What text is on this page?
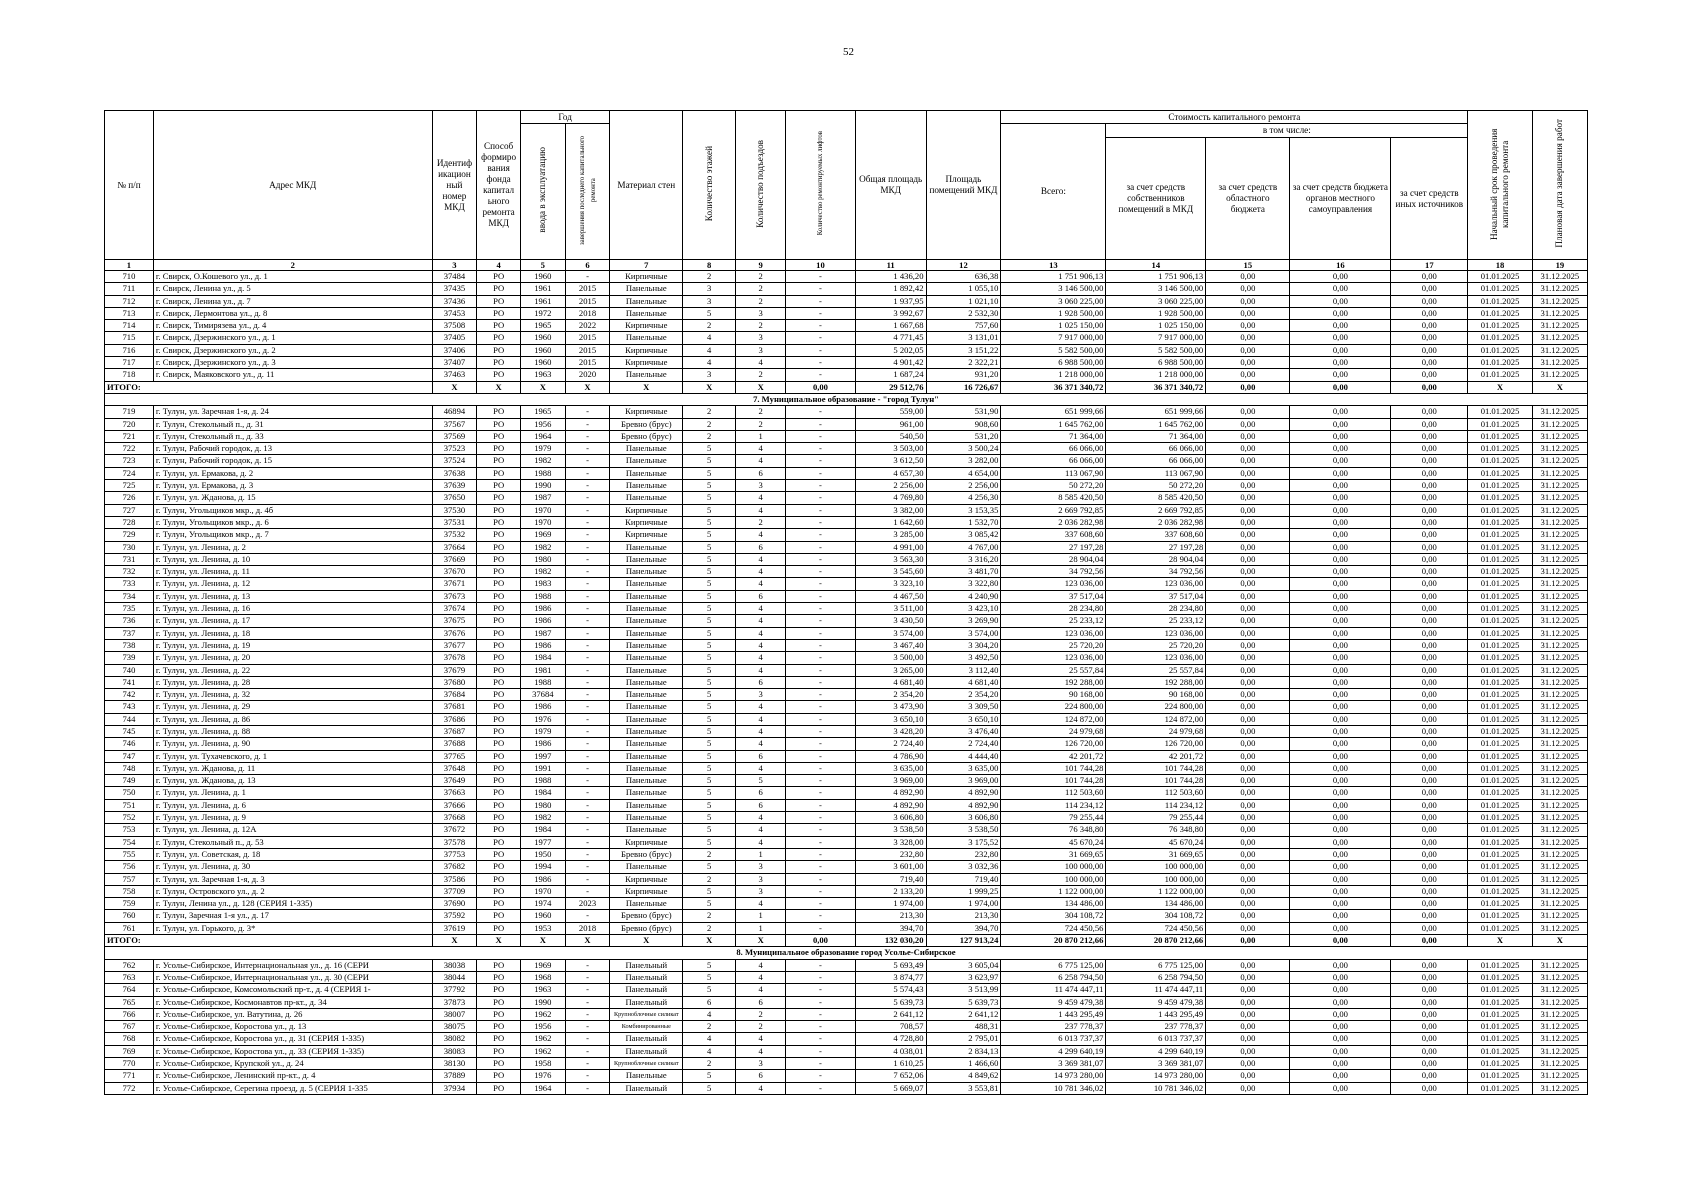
52
№ п/п	Адрес МКД	Идентиф икацион ный номер МКД	Способ формиро вания фонда капитал ьного ремонта МКД	Год		Материал стен	Количество этажей	Количество подъездов	Количество ремонтируемых лифтов	Общая площадь МКД	Площадь помещений МКД	Стоимость капитального ремонта					Начальный срок проведения капитального ремонта	Плановая дата завершения работ
				ввода в эксплуатацию	завершения последнего капитального ремонта							Всего:	в том числе:					
													за счет средств собственников помещений в МКД	за счет средств областного бюджета	за счет средств бюджета органов местного самоуправления	за счет средств иных источников		
1	2	3	4	5	6	7	8	9	10	11	12	13	14	15	16	17	18	19
710	г. Свирск, О.Кошевого ул., д. 1	37484	РО	1960	-	Кирпичные	2	2	-	1 436,20	636,38	1 751 906,13	1 751 906,13	0,00	0,00	0,00	01.01.2025	31.12.2025
711	г. Свирск, Ленина ул., д. 5	37435	РО	1961	2015	Панельные	3	2	-	1 892,42	1 055,10	3 146 500,00	3 146 500,00	0,00	0,00	0,00	01.01.2025	31.12.2025
712	г. Свирск, Ленина ул., д. 7	37436	РО	1961	2015	Панельные	3	2	-	1 937,95	1 021,10	3 060 225,00	3 060 225,00	0,00	0,00	0,00	01.01.2025	31.12.2025
713	г. Свирск, Лермонтова ул., д. 8	37453	РО	1972	2018	Панельные	5	3	-	3 992,67	2 532,30	1 928 500,00	1 928 500,00	0,00	0,00	0,00	01.01.2025	31.12.2025
714	г. Свирск, Тимирязева ул., д. 4	37508	РО	1965	2022	Кирпичные	2	2	-	1 667,68	757,60	1 025 150,00	1 025 150,00	0,00	0,00	0,00	01.01.2025	31.12.2025
715	г. Свирск, Дзержинского ул., д. 1	37405	РО	1960	2015	Панельные	4	3	-	4 771,45	3 131,01	7 917 000,00	7 917 000,00	0,00	0,00	0,00	01.01.2025	31.12.2025
716	г. Свирск, Дзержинского ул., д. 2	37406	РО	1960	2015	Кирпичные	4	3	-	5 202,05	3 151,22	5 582 500,00	5 582 500,00	0,00	0,00	0,00	01.01.2025	31.12.2025
717	г. Свирск, Дзержинского ул., д. 3	37407	РО	1960	2015	Кирпичные	4	4	-	4 901,42	2 322,21	6 988 500,00	6 988 500,00	0,00	0,00	0,00	01.01.2025	31.12.2025
718	г. Свирск, Маяковского ул., д. 11	37463	РО	1963	2020	Панельные	3	2	-	1 687,24	931,20	1 218 000,00	1 218 000,00	0,00	0,00	0,00	01.01.2025	31.12.2025
ИТОГО:		Х	Х	Х	Х	Х	Х	Х	0,00	29 512,76	16 726,67	36 371 340,72	36 371 340,72	0,00	0,00	0,00	Х	Х
7. Муниципальное образование - "город Тулун"																		
719	г. Тулун, ул. Заречная 1-я, д. 24	46894	РО	1965	-	Кирпичные	2	2	-	559,00	531,90	651 999,66	651 999,66	0,00	0,00	0,00	01.01.2025	31.12.2025
720	г. Тулун, Стекольный п., д. 31	37567	РО	1956	-	Бревно (брус)	2	2	-	961,00	908,60	1 645 762,00	1 645 762,00	0,00	0,00	0,00	01.01.2025	31.12.2025
721	г. Тулун, Стекольный п., д. 33	37569	РО	1964	-	Бревно (брус)	2	1	-	540,50	531,20	71 364,00	71 364,00	0,00	0,00	0,00	01.01.2025	31.12.2025
722	г. Тулун, Рабочий городок, д. 13	37523	РО	1979	-	Панельные	5	4	-	3 503,00	3 500,24	66 066,00	66 066,00	0,00	0,00	0,00	01.01.2025	31.12.2025
723	г. Тулун, Рабочий городок, д. 15	37524	РО	1982	-	Панельные	5	4	-	3 612,50	3 282,00	66 066,00	66 066,00	0,00	0,00	0,00	01.01.2025	31.12.2025
724	г. Тулун, ул. Ермакова, д. 2	37638	РО	1988	-	Панельные	5	6	-	4 657,30	4 654,00	113 067,90	113 067,90	0,00	0,00	0,00	01.01.2025	31.12.2025
725	г. Тулун, ул. Ермакова, д. 3	37639	РО	1990	-	Панельные	5	3	-	2 256,00	2 256,00	50 272,20	50 272,20	0,00	0,00	0,00	01.01.2025	31.12.2025
726	г. Тулун, ул. Жданова, д. 15	37650	РО	1987	-	Панельные	5	4	-	4 769,80	4 256,30	8 585 420,50	8 585 420,50	0,00	0,00	0,00	01.01.2025	31.12.2025
727	г. Тулун, Угольщиков мкр., д. 4б	37530	РО	1970	-	Кирпичные	5	4	-	3 382,00	3 153,35	2 669 792,85	2 669 792,85	0,00	0,00	0,00	01.01.2025	31.12.2025
728	г. Тулун, Угольщиков мкр., д. 6	37531	РО	1970	-	Кирпичные	5	2	-	1 642,60	1 532,70	2 036 282,98	2 036 282,98	0,00	0,00	0,00	01.01.2025	31.12.2025
729	г. Тулун, Угольщиков мкр., д. 7	37532	РО	1969	-	Кирпичные	5	4	-	3 285,00	3 085,42	337 608,60	337 608,60	0,00	0,00	0,00	01.01.2025	31.12.2025
730	г. Тулун, ул. Ленина, д. 2	37664	РО	1982	-	Панельные	5	6	-	4 991,00	4 767,00	27 197,28	27 197,28	0,00	0,00	0,00	01.01.2025	31.12.2025
731	г. Тулун, ул. Ленина, д. 10	37669	РО	1980	-	Панельные	5	4	-	3 563,30	3 316,20	28 904,04	28 904,04	0,00	0,00	0,00	01.01.2025	31.12.2025
732	г. Тулун, ул. Ленина, д. 11	37670	РО	1982	-	Панельные	5	4	-	3 545,60	3 481,70	34 792,56	34 792,56	0,00	0,00	0,00	01.01.2025	31.12.2025
733	г. Тулун, ул. Ленина, д. 12	37671	РО	1983	-	Панельные	5	4	-	3 323,10	3 322,80	123 036,00	123 036,00	0,00	0,00	0,00	01.01.2025	31.12.2025
734	г. Тулун, ул. Ленина, д. 13	37673	РО	1988	-	Панельные	5	6	-	4 467,50	4 240,90	37 517,04	37 517,04	0,00	0,00	0,00	01.01.2025	31.12.2025
735	г. Тулун, ул. Ленина, д. 16	37674	РО	1986	-	Панельные	5	4	-	3 511,00	3 423,10	28 234,80	28 234,80	0,00	0,00	0,00	01.01.2025	31.12.2025
736	г. Тулун, ул. Ленина, д. 17	37675	РО	1986	-	Панельные	5	4	-	3 430,50	3 269,90	25 233,12	25 233,12	0,00	0,00	0,00	01.01.2025	31.12.2025
737	г. Тулун, ул. Ленина, д. 18	37676	РО	1987	-	Панельные	5	4	-	3 574,00	3 574,00	123 036,00	123 036,00	0,00	0,00	0,00	01.01.2025	31.12.2025
738	г. Тулун, ул. Ленина, д. 19	37677	РО	1986	-	Панельные	5	4	-	3 467,40	3 304,20	25 720,20	25 720,20	0,00	0,00	0,00	01.01.2025	31.12.2025
739	г. Тулун, ул. Ленина, д. 20	37678	РО	1984	-	Панельные	5	4	-	3 500,00	3 492,50	123 036,00	123 036,00	0,00	0,00	0,00	01.01.2025	31.12.2025
740	г. Тулун, ул. Ленина, д. 22	37679	РО	1981	-	Панельные	5	4	-	3 265,00	3 112,40	25 557,84	25 557,84	0,00	0,00	0,00	01.01.2025	31.12.2025
741	г. Тулун, ул. Ленина, д. 28	37680	РО	1988	-	Панельные	5	6	-	4 681,40	4 681,40	192 288,00	192 288,00	0,00	0,00	0,00	01.01.2025	31.12.2025
742	г. Тулун, ул. Ленина, д. 32	37684	РО	37684	-	Панельные	5	3	-	2 354,20	2 354,20	90 168,00	90 168,00	0,00	0,00	0,00	01.01.2025	31.12.2025
743	г. Тулун, ул. Ленина, д. 29	37681	РО	1986	-	Панельные	5	4	-	3 473,90	3 309,50	224 800,00	224 800,00	0,00	0,00	0,00	01.01.2025	31.12.2025
744	г. Тулун, ул. Ленина, д. 86	37686	РО	1976	-	Панельные	5	4	-	3 650,10	3 650,10	124 872,00	124 872,00	0,00	0,00	0,00	01.01.2025	31.12.2025
745	г. Тулун, ул. Ленина, д. 88	37687	РО	1979	-	Панельные	5	4	-	3 428,20	3 476,40	24 979,68	24 979,68	0,00	0,00	0,00	01.01.2025	31.12.2025
746	г. Тулун, ул. Ленина, д. 90	37688	РО	1986	-	Панельные	5	4	-	2 724,40	2 724,40	126 720,00	126 720,00	0,00	0,00	0,00	01.01.2025	31.12.2025
747	г. Тулун, ул. Тухачевского, д. 1	37765	РО	1997	-	Панельные	5	6	-	4 786,90	4 444,40	42 201,72	42 201,72	0,00	0,00	0,00	01.01.2025	31.12.2025
748	г. Тулун, ул. Жданова, д. 11	37648	РО	1991	-	Панельные	5	4	-	3 635,00	3 635,00	101 744,28	101 744,28	0,00	0,00	0,00	01.01.2025	31.12.2025
749	г. Тулун, ул. Жданова, д. 13	37649	РО	1988	-	Панельные	5	5	-	3 969,00	3 969,00	101 744,28	101 744,28	0,00	0,00	0,00	01.01.2025	31.12.2025
750	г. Тулун, ул. Ленина, д. 1	37663	РО	1984	-	Панельные	5	6	-	4 892,90	4 892,90	112 503,60	112 503,60	0,00	0,00	0,00	01.01.2025	31.12.2025
751	г. Тулун, ул. Ленина, д. 6	37666	РО	1980	-	Панельные	5	6	-	4 892,90	4 892,90	114 234,12	114 234,12	0,00	0,00	0,00	01.01.2025	31.12.2025
752	г. Тулун, ул. Ленина, д. 9	37668	РО	1982	-	Панельные	5	4	-	3 606,80	3 606,80	79 255,44	79 255,44	0,00	0,00	0,00	01.01.2025	31.12.2025
753	г. Тулун, ул. Ленина, д. 12А	37672	РО	1984	-	Панельные	5	4	-	3 538,50	3 538,50	76 348,80	76 348,80	0,00	0,00	0,00	01.01.2025	31.12.2025
754	г. Тулун, Стекольный п., д. 53	37578	РО	1977	-	Кирпичные	5	4	-	3 328,00	3 175,52	45 670,24	45 670,24	0,00	0,00	0,00	01.01.2025	31.12.2025
755	г. Тулун, ул. Советская, д. 18	37753	РО	1950	-	Бревно (брус)	2	1	-	232,80	232,80	31 669,65	31 669,65	0,00	0,00	0,00	01.01.2025	31.12.2025
756	г. Тулун, ул. Ленина, д. 30	37682	РО	1994	-	Панельные	5	3	-	3 601,00	3 032,36	100 000,00	100 000,00	0,00	0,00	0,00	01.01.2025	31.12.2025
757	г. Тулун, ул. Заречная 1-я, д. 3	37586	РО	1986	-	Кирпичные	2	3	-	719,40	719,40	100 000,00	100 000,00	0,00	0,00	0,00	01.01.2025	31.12.2025
758	г. Тулун, Островского ул., д. 2	37709	РО	1970	-	Кирпичные	5	3	-	2 133,20	1 999,25	1 122 000,00	1 122 000,00	0,00	0,00	0,00	01.01.2025	31.12.2025
759	г. Тулун, Ленина ул., д. 128 (СЕРИЯ 1-335)	37690	РО	1974	2023	Панельные	5	4	-	1 974,00	1 974,00	134 486,00	134 486,00	0,00	0,00	0,00	01.01.2025	31.12.2025
760	г. Тулун, Заречная 1-я ул., д. 17	37592	РО	1960	-	Бревно (брус)	2	1	-	213,30	213,30	304 108,72	304 108,72	0,00	0,00	0,00	01.01.2025	31.12.2025
761	г. Тулун, ул. Горького, д. 3*	37619	РО	1953	2018	Бревно (брус)	2	1	-	394,70	394,70	724 450,56	724 450,56	0,00	0,00	0,00	01.01.2025	31.12.2025
ИТОГО:		Х	Х	Х	Х	Х	Х	Х	0,00	132 030,20	127 913,24	20 870 212,66	20 870 212,66	0,00	0,00	0,00	Х	Х
8. Муниципальное образование город Усолье-Сибирское																		
762	г. Усолье-Сибирское, Интернациональная ул., д. 16 (СЕРИ	38038	РО	1969	-	Панельный	5	4	-	5 693,49	3 605,04	6 775 125,00	6 775 125,00	0,00	0,00	0,00	01.01.2025	31.12.2025
763	г. Усолье-Сибирское, Интернациональная ул., д. 30 (СЕРИ	38044	РО	1968	-	Панельный	5	4	-	3 874,77	3 623,97	6 258 794,50	6 258 794,50	0,00	0,00	0,00	01.01.2025	31.12.2025
764	г. Усолье-Сибирское, Комсомольский пр-т., д. 4 (СЕРИЯ 1-	37792	РО	1963	-	Панельный	5	4	-	5 574,43	3 513,99	11 474 447,11	11 474 447,11	0,00	0,00	0,00	01.01.2025	31.12.2025
765	г. Усолье-Сибирское, Космонавтов пр-кт., д. 34	37873	РО	1990	-	Панельный	6	6	-	5 639,73	5 639,73	9 459 479,38	9 459 479,38	0,00	0,00	0,00	01.01.2025	31.12.2025
766	г. Усолье-Сибирское, ул. Ватутина, д. 26	38007	РО	1962	-	Крупноблочные силикат	4	2	-	2 641,12	2 641,12	1 443 295,49	1 443 295,49	0,00	0,00	0,00	01.01.2025	31.12.2025
767	г. Усолье-Сибирское, Коростова ул., д. 13	38075	РО	1956	-	Комбинированные	2	2	-	708,57	488,31	237 778,37	237 778,37	0,00	0,00	0,00	01.01.2025	31.12.2025
768	г. Усолье-Сибирское, Коростова ул., д. 31 (СЕРИЯ 1-335)	38082	РО	1962	-	Панельный	4	4	-	4 728,80	2 795,01	6 013 737,37	6 013 737,37	0,00	0,00	0,00	01.01.2025	31.12.2025
769	г. Усолье-Сибирское, Коростова ул., д. 33 (СЕРИЯ 1-335)	38083	РО	1962	-	Панельный	4	4	-	4 038,01	2 834,13	4 299 640,19	4 299 640,19	0,00	0,00	0,00	01.01.2025	31.12.2025
770	г. Усолье-Сибирское, Крупской ул., д. 24	38130	РО	1958	-	Крупноблочные силикат	2	3	-	1 610,25	1 466,60	3 369 381,07	3 369 381,07	0,00	0,00	0,00	01.01.2025	31.12.2025
771	г. Усолье-Сибирское, Ленинский пр-кт., д. 4	37889	РО	1976	-	Панельные	5	6	-	7 652,06	4 849,62	14 973 280,00	14 973 280,00	0,00	0,00	0,00	01.01.2025	31.12.2025
772	г. Усолье-Сибирское, Серегина проезд, д. 5 (СЕРИЯ 1-335	37934	РО	1964	-	Панельный	5	4	-	5 669,07	3 553,81	10 781 346,02	10 781 346,02	0,00	0,00	0,00	01.01.2025	31.12.2025
